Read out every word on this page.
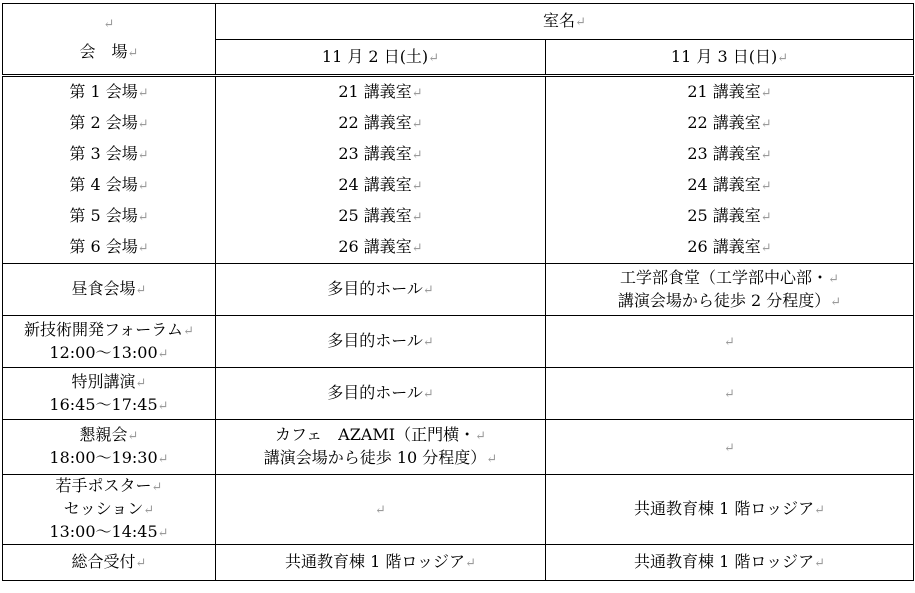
↵
会　場↵	室名↵	
	11 月 2 日(土)↵	11 月 3 日(日)↵
第 1 会場↵	21 講義室↵	21 講義室↵
第 2 会場↵	22 講義室↵	22 講義室↵
第 3 会場↵	23 講義室↵	23 講義室↵
第 4 会場↵	24 講義室↵	24 講義室↵
第 5 会場↵	25 講義室↵	25 講義室↵
第 6 会場↵	26 講義室↵	26 講義室↵
昼食会場↵	多目的ホール↵	工学部食堂（工学部中心部・↵
講演会場から徒歩 2 分程度）↵

新技術開発フォーラム↵
12:00～13:00↵	多目的ホール↵	↵

特別講演↵
16:45～17:45↵	多目的ホール↵	↵

懇親会↵
18:00～19:30↵	カフェ　AZAMI（正門横・↵
講演会場から徒歩 10 分程度）↵	↵

若手ポスター↵
セッション↵
13:00～14:45↵	↵	共通教育棟 1 階ロッジア↵
総合受付↵	共通教育棟 1 階ロッジア↵	共通教育棟 1 階ロッジア↵
